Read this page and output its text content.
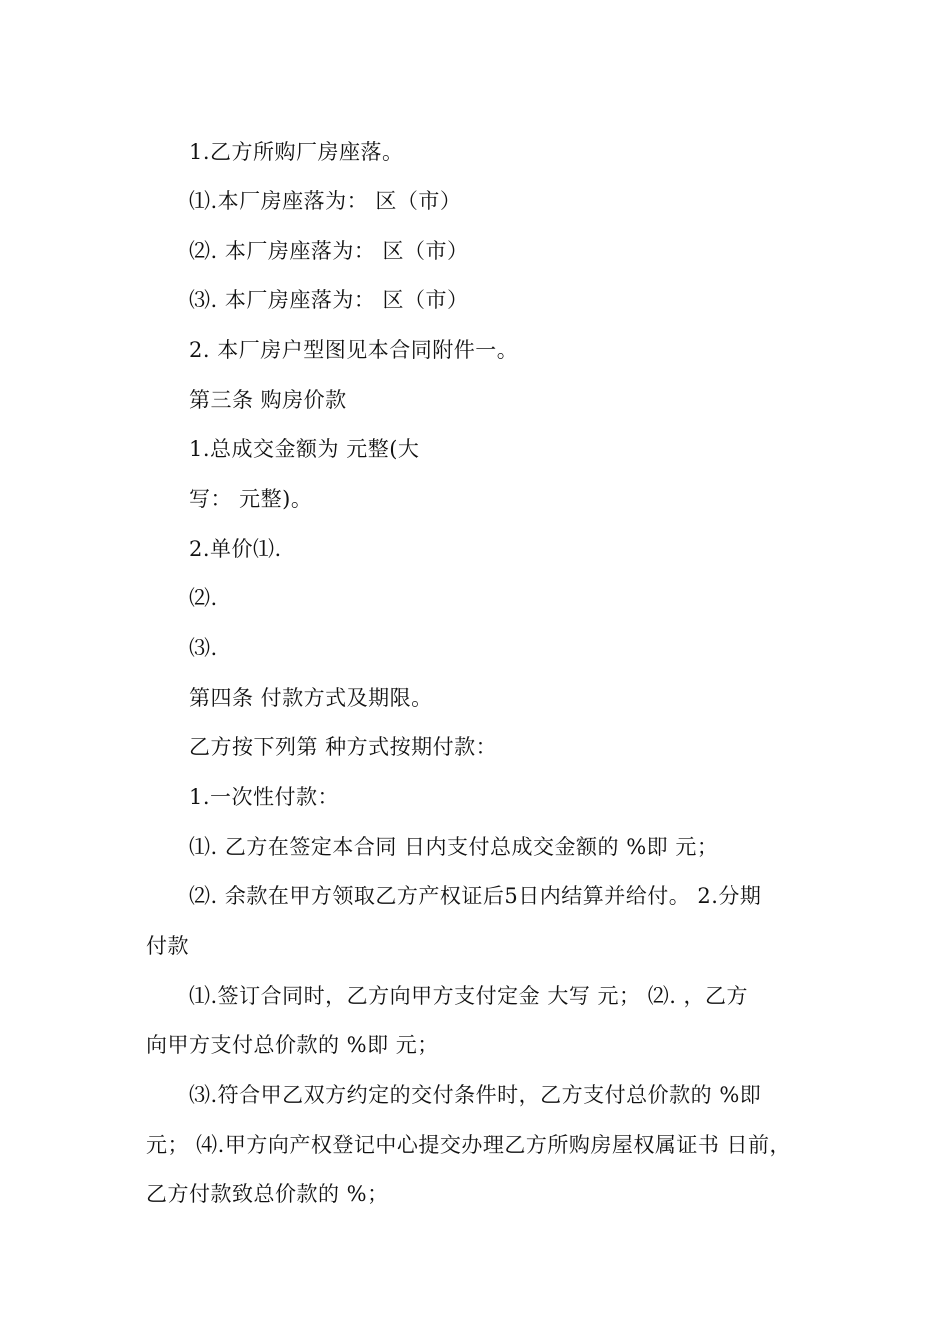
1.乙方所购厂房座落。
⑴.本厂房座落为： 区（市）
⑵. 本厂房座落为： 区（市）
⑶. 本厂房座落为： 区（市）
2. 本厂房户型图见本合同附件一。
第三条 购房价款
1.总成交金额为 元整(大
写： 元整)。
2.单价⑴.
⑵.
⑶.
第四条 付款方式及期限。
乙方按下列第 种方式按期付款：
1.一次性付款：
⑴. 乙方在签定本合同 日内支付总成交金额的 %即 元；
⑵. 余款在甲方领取乙方产权证后5日内结算并给付。 2.分期
付款
⑴.签订合同时，乙方向甲方支付定金 大写 元； ⑵. ，乙方
向甲方支付总价款的 %即 元；
⑶.符合甲乙双方约定的交付条件时，乙方支付总价款的 %即
元； ⑷.甲方向产权登记中心提交办理乙方所购房屋权属证书 日前，
乙方付款致总价款的 %；
